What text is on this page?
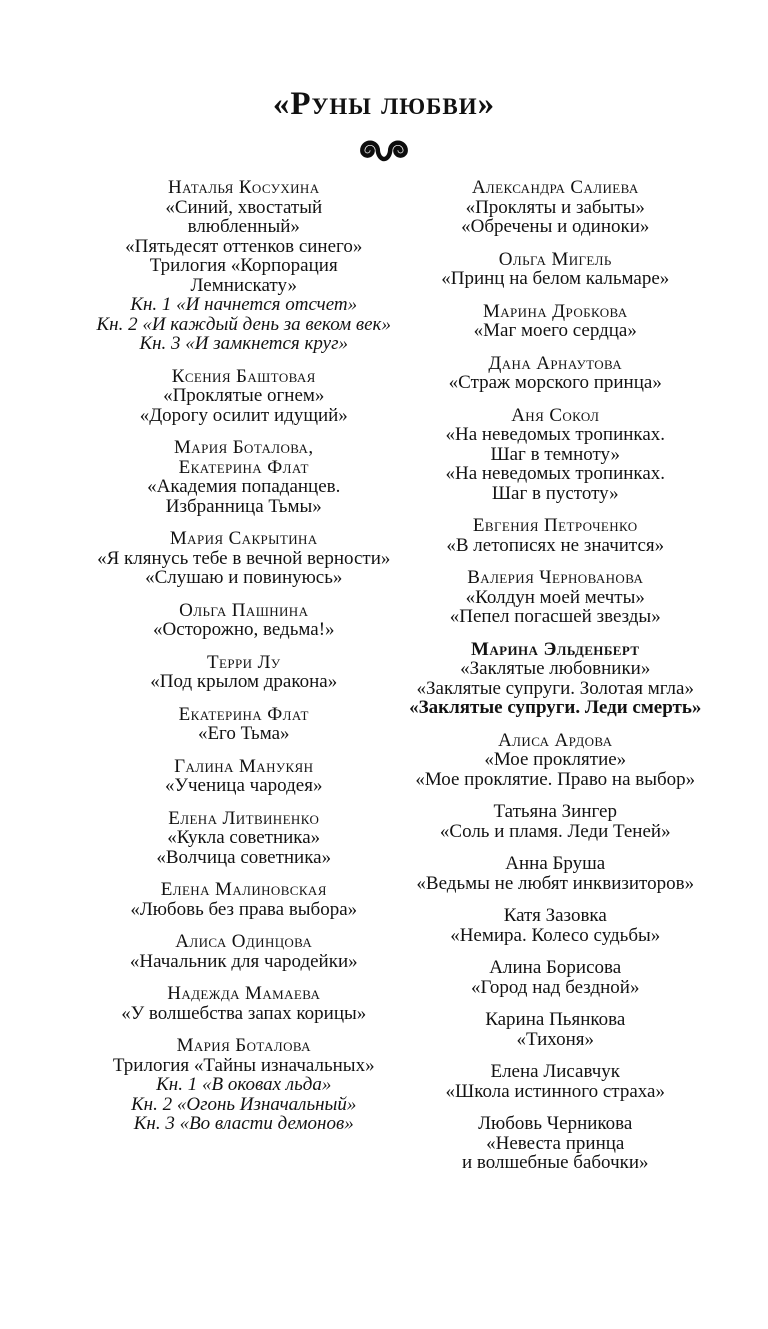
«Руны любви»
Наталья Косухина
«Синий, хвостатый
влюбленный»
«Пятьдесят оттенков синего»
Трилогия «Корпорация
Лемнискату»
Кн. 1 «И начнется отсчет»
Кн. 2 «И каждый день за веком век»
Кн. 3 «И замкнется круг»
Ксения Баштовая
«Проклятые огнем»
«Дорогу осилит идущий»
Мария Боталова,
Екатерина Флат
«Академия попаданцев.
Избранница Тьмы»
Мария Сакрытина
«Я клянусь тебе в вечной верности»
«Слушаю и повинуюсь»
Ольга Пашнина
«Осторожно, ведьма!»
Терри Лу
«Под крылом дракона»
Екатерина Флат
«Его Тьма»
Галина Манукян
«Ученица чародея»
Елена Литвиненко
«Кукла советника»
«Волчица советника»
Елена Малиновская
«Любовь без права выбора»
Алиса Одинцова
«Начальник для чародейки»
Надежда Мамаева
«У волшебства запах корицы»
Мария Боталова
Трилогия «Тайны изначальных»
Кн. 1 «В оковах льда»
Кн. 2 «Огонь Изначальный»
Кн. 3 «Во власти демонов»
Александра Салиева
«Прокляты и забыты»
«Обречены и одиноки»
Ольга Мигель
«Принц на белом кальмаре»
Марина Дробкова
«Маг моего сердца»
Дана Арнаутова
«Страж морского принца»
Аня Сокол
«На неведомых тропинках.
Шаг в темноту»
«На неведомых тропинках.
Шаг в пустоту»
Евгения Петроченко
«В летописях не значится»
Валерия Чернованова
«Колдун моей мечты»
«Пепел погасшей звезды»
Марина Эльденберт
«Заклятые любовники»
«Заклятые супруги. Золотая мгла»
«Заклятые супруги. Леди смерть»
Алиса Ардова
«Мое проклятие»
«Мое проклятие. Право на выбор»
Татьяна Зингер
«Соль и пламя. Леди Теней»
Анна Бруша
«Ведьмы не любят инквизиторов»
Катя Зазовка
«Немира. Колесо судьбы»
Алина Борисова
«Город над бездной»
Карина Пьянкова
«Тихоня»
Елена Лисавчук
«Школа истинного страха»
Любовь Черникова
«Невеста принца
и волшебные бабочки»
